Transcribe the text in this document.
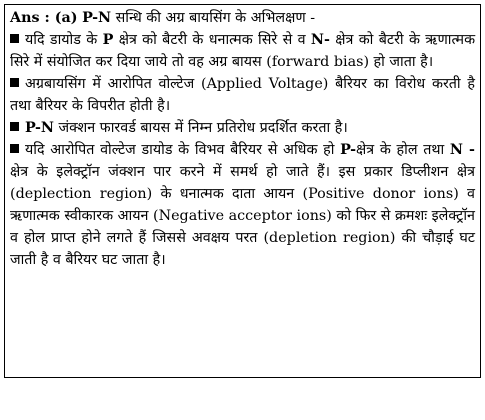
Ans : (a) P-N सन्धि की अग्र बायसिंग के अभिलक्षण -

यदि डायोड के P क्षेत्र को बैटरी के धनात्मक सिरे से व N- क्षेत्र को बैटरी के ऋणात्मक सिरे में संयोजित कर दिया जाये तो वह अग्र बायस (forward bias) हो जाता है।

अग्रबायसिंग में आरोपित वोल्टेज (Applied Voltage) बैरियर का विरोध करती है तथा बैरियर के विपरीत होती है।

P-N जंक्शन फारवर्ड बायस में निम्न प्रतिरोध प्रदर्शित करता है।

यदि आरोपित वोल्टेज डायोड के विभव बैरियर से अधिक हो P-क्षेत्र के होल तथा N - क्षेत्र के इलेक्ट्रॉन जंक्शन पार करने में समर्थ हो जाते हैं। इस प्रकार डिप्लीशन क्षेत्र (deplection region) के धनात्मक दाता आयन (Positive donor ions) व ऋणात्मक स्वीकारक आयन (Negative acceptor ions) को फिर से क्रमशः इलेक्ट्रॉन व होल प्राप्त होने लगते हैं जिससे अवक्षय परत (depletion region) की चौड़ाई घट जाती है व बैरियर घट जाता है।
